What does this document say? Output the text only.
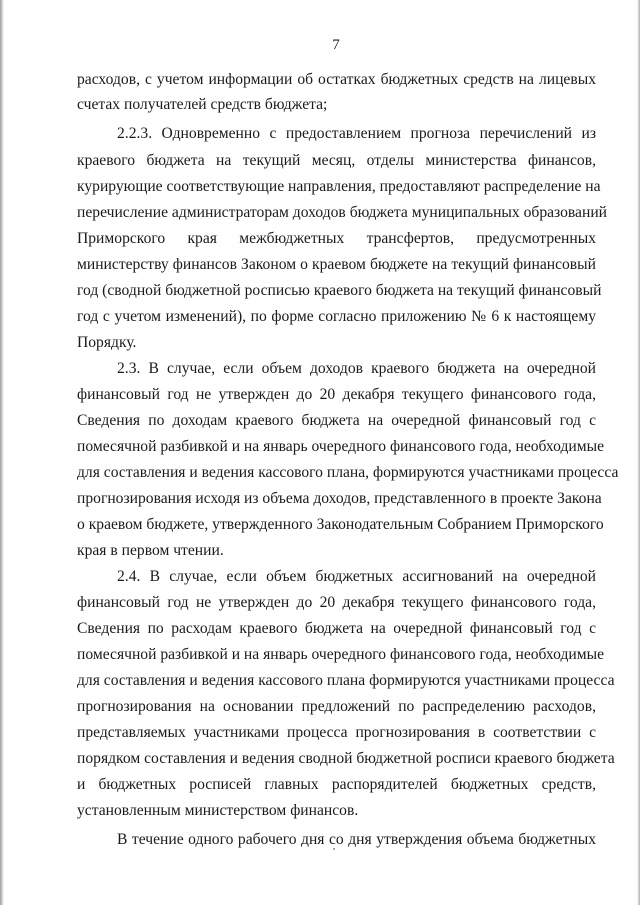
7
расходов, с учетом информации об остатках бюджетных средств на лицевых
счетах получателей средств бюджета;
2.2.3. Одновременно с предоставлением прогноза перечислений из
краевого бюджета на текущий месяц, отделы министерства финансов,
курирующие соответствующие направления, предоставляют распределение на
перечисление администраторам доходов бюджета муниципальных образований
Приморского края межбюджетных трансфертов, предусмотренных
министерству финансов Законом о краевом бюджете на текущий финансовый
год (сводной бюджетной росписью краевого бюджета на текущий финансовый
год с учетом изменений), по форме согласно приложению № 6 к настоящему
Порядку.
2.3. В случае, если объем доходов краевого бюджета на очередной
финансовый год не утвержден до 20 декабря текущего финансового года,
Сведения по доходам краевого бюджета на очередной финансовый год с
помесячной разбивкой и на январь очередного финансового года, необходимые
для составления и ведения кассового плана, формируются участниками процесса
прогнозирования исходя из объема доходов, представленного в проекте Закона
о краевом бюджете, утвержденного Законодательным Собранием Приморского
края в первом чтении.
2.4. В случае, если объем бюджетных ассигнований на очередной
финансовый год не утвержден до 20 декабря текущего финансового года,
Сведения по расходам краевого бюджета на очередной финансовый год с
помесячной разбивкой и на январь очередного финансового года, необходимые
для составления и ведения кассового плана формируются участниками процесса
прогнозирования на основании предложений по распределению расходов,
представляемых участниками процесса прогнозирования в соответствии с
порядком составления и ведения сводной бюджетной росписи краевого бюджета
и бюджетных росписей главных распорядителей бюджетных средств,
установленным министерством финансов.
В течение одного рабочего дня со дня утверждения объема бюджетных
